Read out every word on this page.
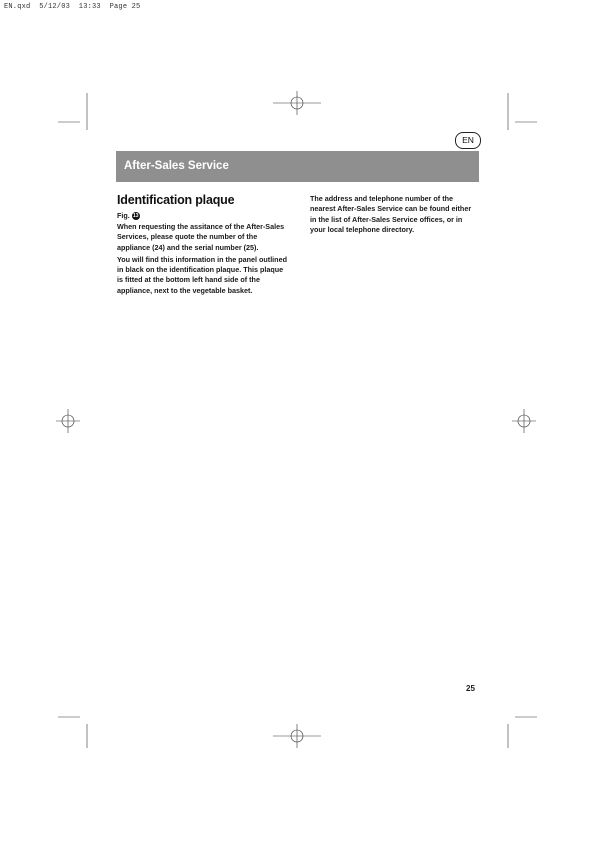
EN.qxd  5/12/03  13:33  Page 25
EN
After-Sales Service
Identification plaque
Fig. 13

When requesting the assitance of the After-Sales Services, please quote the number of the appliance (24) and the serial number (25).

You will find this information in the panel outlined in black on the identification plaque. This plaque is fitted at the bottom left hand side of the appliance, next to the vegetable basket.

The address and telephone number of the nearest After-Sales Service can be found either in the list of After-Sales Service offices, or in your local telephone directory.

25
